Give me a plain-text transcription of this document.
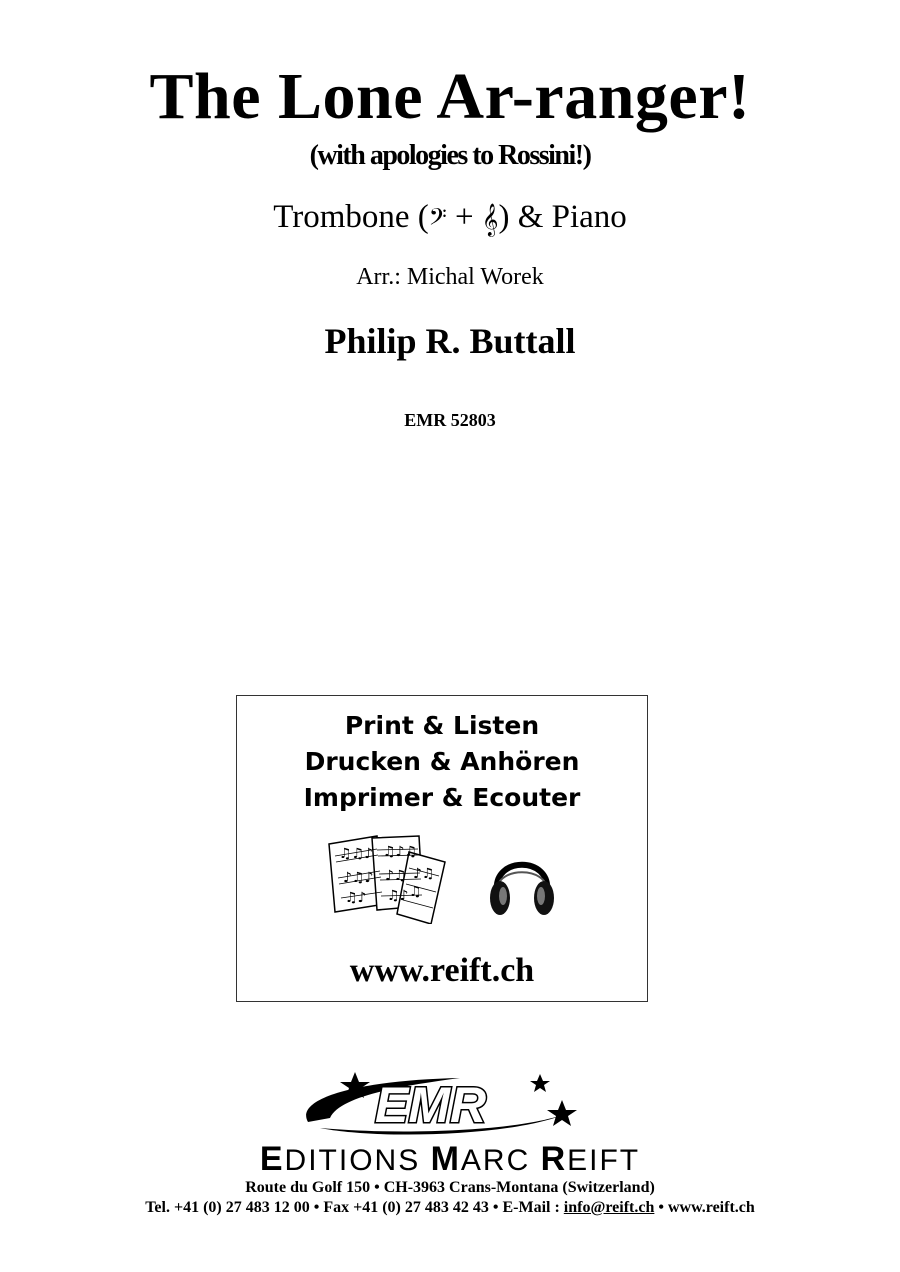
The Lone Ar-ranger!
(with apologies to Rossini!)
Trombone (𝄢 + 𝄞) & Piano
Arr.: Michal Worek
Philip R. Buttall
EMR 52803
Print & Listen
Drucken & Anhören
Imprimer & Ecouter
♫♫♪
♪♫♪
♫♪
♫♪♫
♪♫
♫♪
♪♫
♫
www.reift.ch
EMR
EDITIONS MARC REIFT
Route du Golf 150 • CH-3963 Crans-Montana (Switzerland)
Tel. +41 (0) 27 483 12 00 • Fax +41 (0) 27 483 42 43 • E-Mail : info@reift.ch • www.reift.ch
